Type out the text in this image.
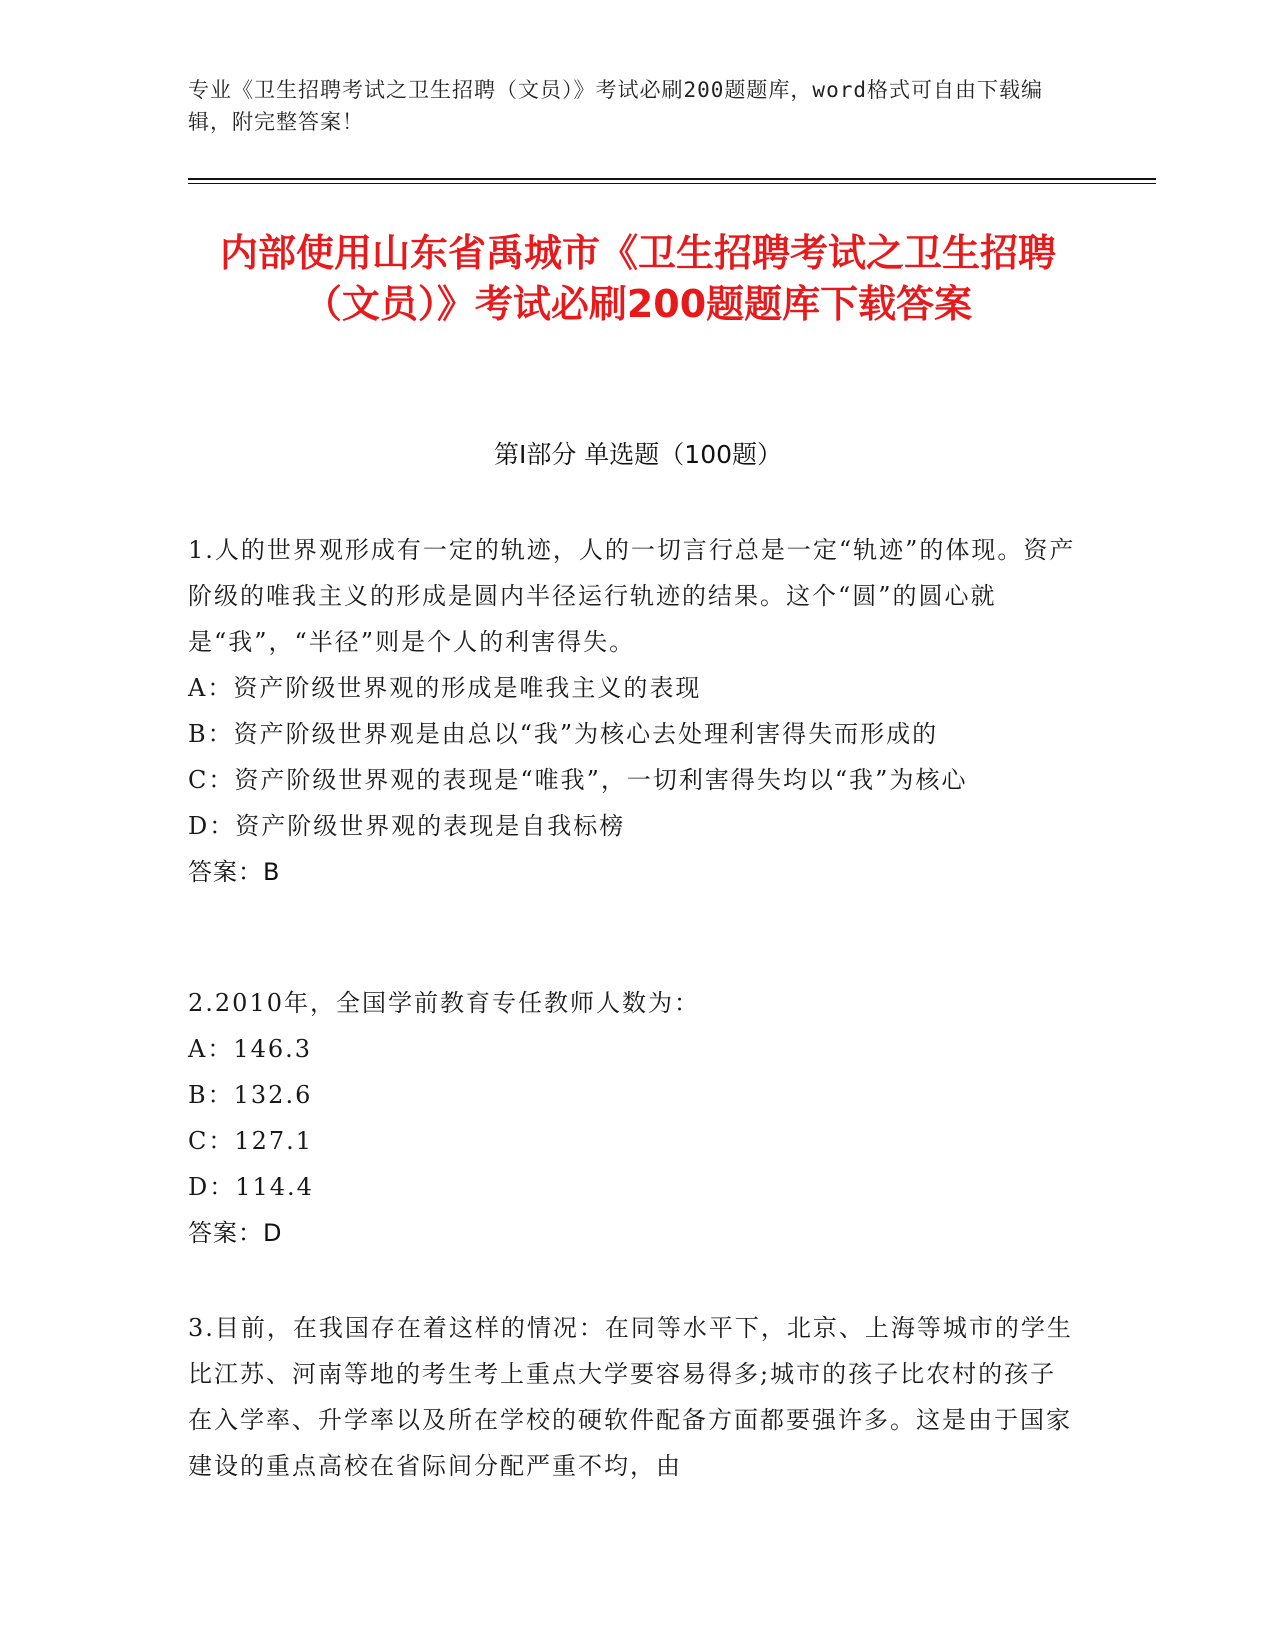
专业《卫生招聘考试之卫生招聘（文员）》考试必刷200题题库，word格式可自由下载编辑，附完整答案！
内部使用山东省禹城市《卫生招聘考试之卫生招聘（文员）》考试必刷200题题库下载答案
第Ⅰ部分 单选题（100题）

1.人的世界观形成有一定的轨迹，人的一切言行总是一定“轨迹”的体现。资产阶级的唯我主义的形成是圆内半径运行轨迹的结果。这个“圆”的圆心就是“我”，“半径”则是个人的利害得失。

A：资产阶级世界观的形成是唯我主义的表现

B：资产阶级世界观是由总以“我”为核心去处理利害得失而形成的

C：资产阶级世界观的表现是“唯我”，一切利害得失均以“我”为核心

D：资产阶级世界观的表现是自我标榜

答案：B

2.2010年，全国学前教育专任教师人数为：

A：146.3

B：132.6

C：127.1

D：114.4

答案：D

3.目前，在我国存在着这样的情况：在同等水平下，北京、上海等城市的学生比江苏、河南等地的考生考上重点大学要容易得多;城市的孩子比农村的孩子在入学率、升学率以及所在学校的硬软件配备方面都要强许多。这是由于国家建设的重点高校在省际间分配严重不均，由
